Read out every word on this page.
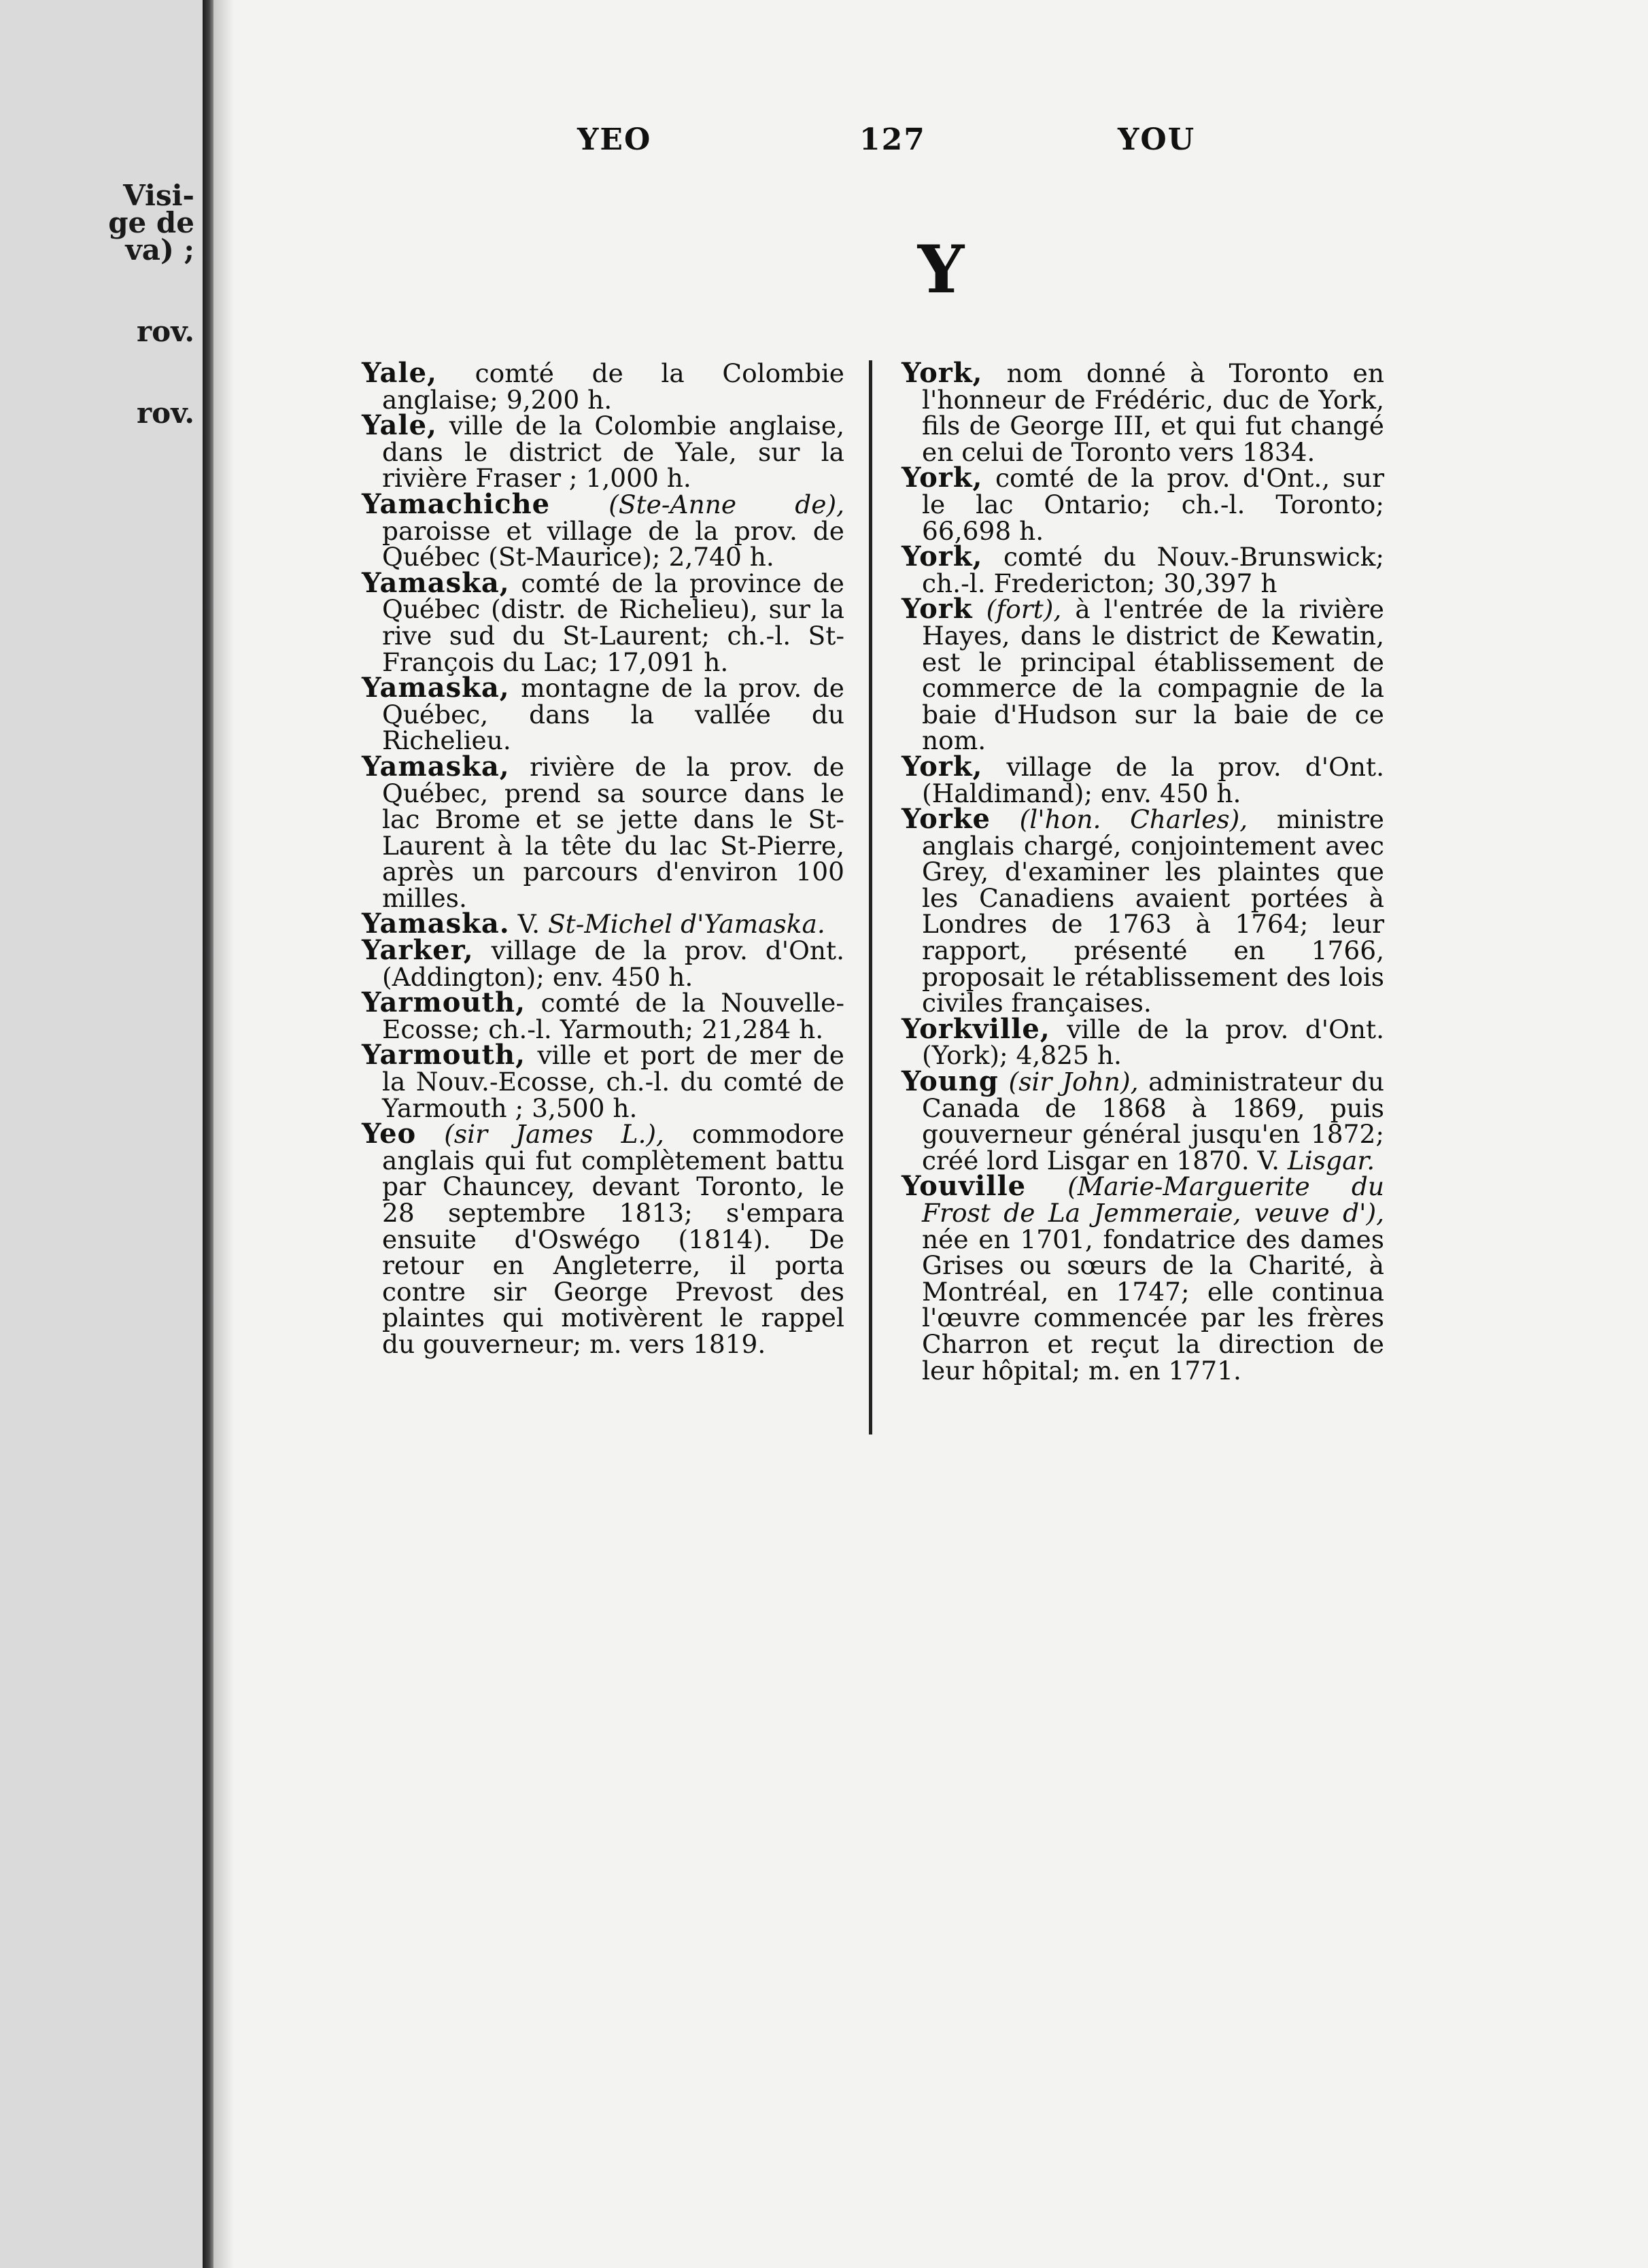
Visi-
ge de
va) ;
rov.
rov.
YEO	127	YOU
Y

Yale, comté de la Colombie anglaise; 9,200 h.

Yale, ville de la Colombie anglaise, dans le district de Yale, sur la rivière Fraser ; 1,000 h.

Yamachiche (Ste-Anne de), paroisse et village de la prov. de Québec (St-Maurice); 2,740 h.

Yamaska, comté de la province de Québec (distr. de Richelieu), sur la rive sud du St-Laurent; ch.-l. St-François du Lac; 17,091 h.

Yamaska, montagne de la prov. de Québec, dans la vallée du Richelieu.

Yamaska, rivière de la prov. de Québec, prend sa source dans le lac Brome et se jette dans le St-Laurent à la tête du lac St-Pierre, après un parcours d'environ 100 milles.

Yamaska. V. St-Michel d'Yamaska.

Yarker, village de la prov. d'Ont. (Addington); env. 450 h.

Yarmouth, comté de la Nouvelle-Ecosse; ch.-l. Yarmouth; 21,284 h.

Yarmouth, ville et port de mer de la Nouv.-Ecosse, ch.-l. du comté de Yarmouth ; 3,500 h.

Yeo (sir James L.), commodore anglais qui fut complètement battu par Chauncey, devant Toronto, le 28 septembre 1813; s'empara ensuite d'Oswégo (1814). De retour en Angleterre, il porta contre sir George Prevost des plaintes qui motivèrent le rappel du gouverneur; m. vers 1819.

York, nom donné à Toronto en l'honneur de Frédéric, duc de York, fils de George III, et qui fut changé en celui de Toronto vers 1834.

York, comté de la prov. d'Ont., sur le lac Ontario; ch.-l. Toronto; 66,698 h.

York, comté du Nouv.-Brunswick; ch.-l. Fredericton; 30,397 h

York (fort), à l'entrée de la rivière Hayes, dans le district de Kewatin, est le principal établissement de commerce de la compagnie de la baie d'Hudson sur la baie de ce nom.

York, village de la prov. d'Ont. (Haldimand); env. 450 h.

Yorke (l'hon. Charles), ministre anglais chargé, conjointement avec Grey, d'examiner les plaintes que les Canadiens avaient portées à Londres de 1763 à 1764; leur rapport, présenté en 1766, proposait le rétablissement des lois civiles françaises.

Yorkville, ville de la prov. d'Ont. (York); 4,825 h.

Young (sir John), administrateur du Canada de 1868 à 1869, puis gouverneur général jusqu'en 1872; créé lord Lisgar en 1870. V. Lisgar.

Youville (Marie-Marguerite du Frost de La Jemmeraie, veuve d'), née en 1701, fondatrice des dames Grises ou sœurs de la Charité, à Montréal, en 1747; elle continua l'œuvre commencée par les frères Charron et reçut la direction de leur hôpital; m. en 1771.
